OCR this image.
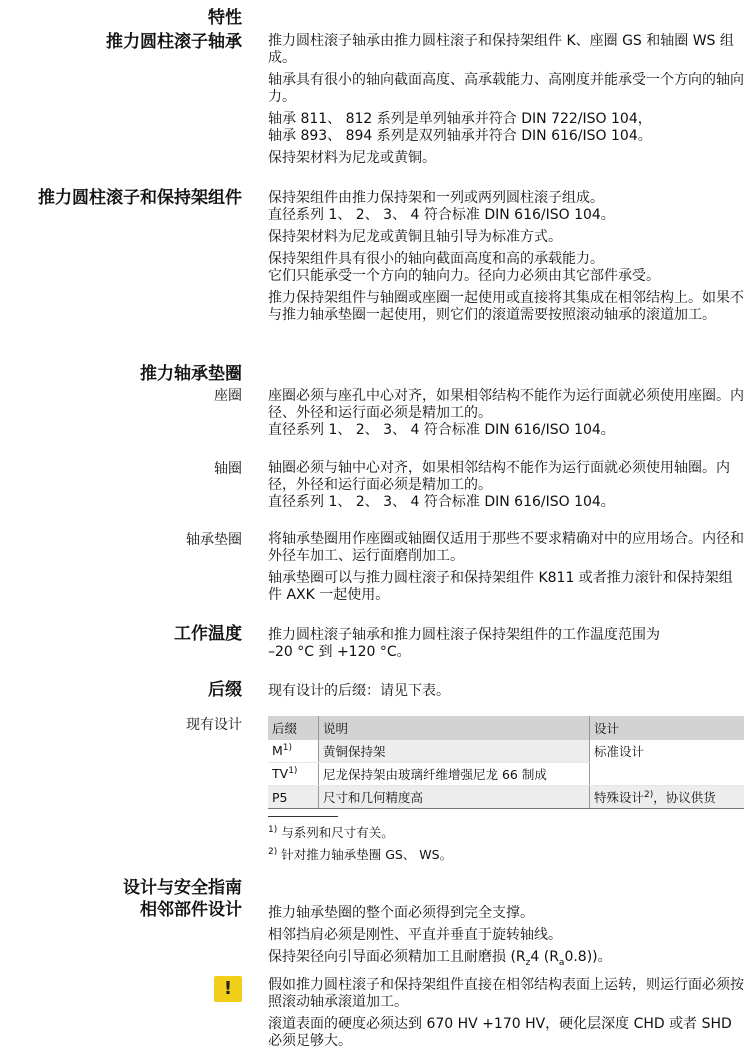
特性
推力圆柱滚子轴承 推力圆柱滚子轴承由推力圆柱滚子和保持架组件 K、座圈 GS 和轴圈 WS 组成。

轴承具有很小的轴向截面高度、高承载能力、高刚度并能承受一个方向的轴向力。

轴承 811、 812 系列是单列轴承并符合 DIN 722/ISO 104，
轴承 893、 894 系列是双列轴承并符合 DIN 616/ISO 104。

保持架材料为尼龙或黄铜。

推力圆柱滚子和保持架组件 保持架组件由推力保持架和一列或两列圆柱滚子组成。
直径系列 1、 2、 3、 4 符合标准 DIN 616/ISO 104。

保持架材料为尼龙或黄铜且轴引导为标准方式。

保持架组件具有很小的轴向截面高度和高的承载能力。
它们只能承受一个方向的轴向力。径向力必须由其它部件承受。

推力保持架组件与轴圈或座圈一起使用或直接将其集成在相邻结构上。如果不与推力轴承垫圈一起使用，则它们的滚道需要按照滚动轴承的滚道加工。

推力轴承垫圈
座圈 座圈必须与座孔中心对齐，如果相邻结构不能作为运行面就必须使用座圈。内径、外径和运行面必须是精加工的。

直径系列 1、 2、 3、 4 符合标准 DIN 616/ISO 104。

轴圈 轴圈必须与轴中心对齐，如果相邻结构不能作为运行面就必须使用轴圈。内径，外径和运行面必须是精加工的。

直径系列 1、 2、 3、 4 符合标准 DIN 616/ISO 104。

轴承垫圈 将轴承垫圈用作座圈或轴圈仅适用于那些不要求精确对中的应用场合。内径和外径车加工、运行面磨削加工。

轴承垫圈可以与推力圆柱滚子和保持架组件 K811 或者推力滚针和保持架组件 AXK 一起使用。

工作温度 推力圆柱滚子轴承和推力圆柱滚子保持架组件的工作温度范围为
–20 °C 到 +120 °C。

后缀 现有设计的后缀：请见下表。
现有设计 后缀	说明	设计
$M^{1)}$	黄铜保持架	标准设计
TV$^{1)}$	尼龙保持架由玻璃纤维增强尼龙 66 制成	
P5	尺寸和几何精度高	特殊设计$^{2)}$，协议供货
$^{1)}$ 与系列和尺寸有关。
$^{2)}$ 针对推力轴承垫圈 GS、 WS。
设计与安全指南
相邻部件设计
!

推力轴承垫圈的整个面必须得到完全支撑。

相邻挡肩必须是刚性、平直并垂直于旋转轴线。

保持架径向引导面必须精加工且耐磨损 ($R_z4$ $(R_a0.8)$)。

假如推力圆柱滚子和保持架组件直接在相邻结构表面上运转，则运行面必须按照滚动轴承滚道加工。

滚道表面的硬度必须达到 670 HV +170 HV，硬化层深度 CHD 或者 SHD 必须足够大。
